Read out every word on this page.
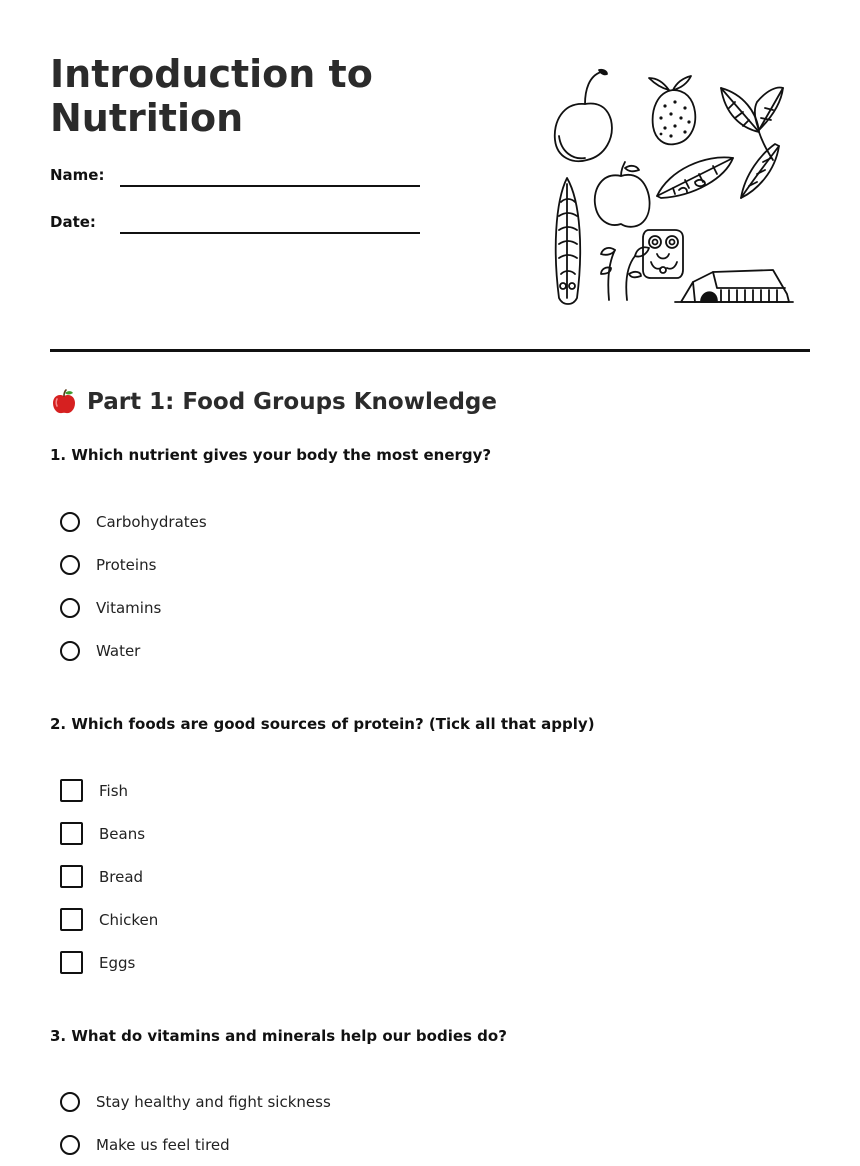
Introduction to
Nutrition
Name:
Date:
Part 1: Food Groups Knowledge

1. Which nutrient gives your body the most energy?

Carbohydrates
Proteins
Vitamins
Water

2. Which foods are good sources of protein? (Tick all that apply)

Fish
Beans
Bread
Chicken
Eggs

3. What do vitamins and minerals help our bodies do?

Stay healthy and fight sickness
Make us feel tired
